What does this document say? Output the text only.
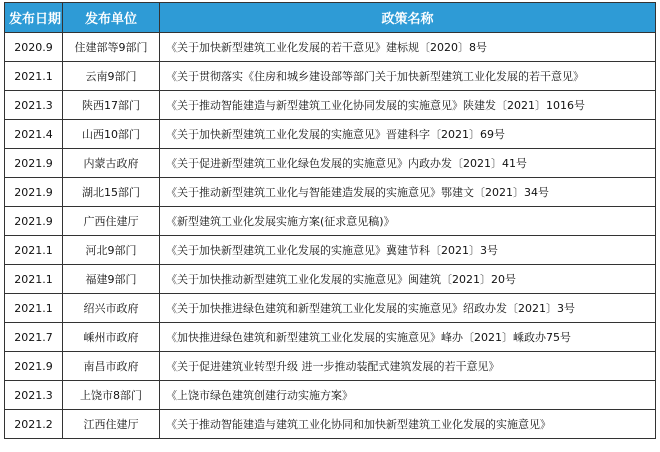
发布日期	发布单位	政策名称
2020.9	住建部等9部门	《关于加快新型建筑工业化发展的若干意见》建标规〔2020〕8号
2021.1	云南9部门	《关于贯彻落实《住房和城乡建设部等部门关于加快新型建筑工业化发展的若干意见》
2021.3	陕西17部门	《关于推动智能建造与新型建筑工业化协同发展的实施意见》陕建发〔2021〕1016号
2021.4	山西10部门	《关于加快新型建筑工业化发展的实施意见》晋建科字〔2021〕69号
2021.9	内蒙古政府	《关于促进新型建筑工业化绿色发展的实施意见》内政办发〔2021〕41号
2021.9	湖北15部门	《关于推动新型建筑工业化与智能建造发展的实施意见》鄂建文〔2021〕34号
2021.9	广西住建厅	《新型建筑工业化发展实施方案(征求意见稿)》
2021.1	河北9部门	《关于加快新型建筑工业化发展的实施意见》冀建节科〔2021〕3号
2021.1	福建9部门	《关于加快推动新型建筑工业化发展的实施意见》闽建筑〔2021〕20号
2021.1	绍兴市政府	《关于加快推进绿色建筑和新型建筑工业化发展的实施意见》绍政办发〔2021〕3号
2021.7	嵊州市政府	《加快推进绿色建筑和新型建筑工业化发展的实施意见》峰办〔2021〕嵊政办75号
2021.9	南昌市政府	《关于促进建筑业转型升级 进一步推动装配式建筑发展的若干意见》
2021.3	上饶市8部门	《上饶市绿色建筑创建行动实施方案》
2021.2	江西住建厅	《关于推动智能建造与建筑工业化协同和加快新型建筑工业化发展的实施意见》
